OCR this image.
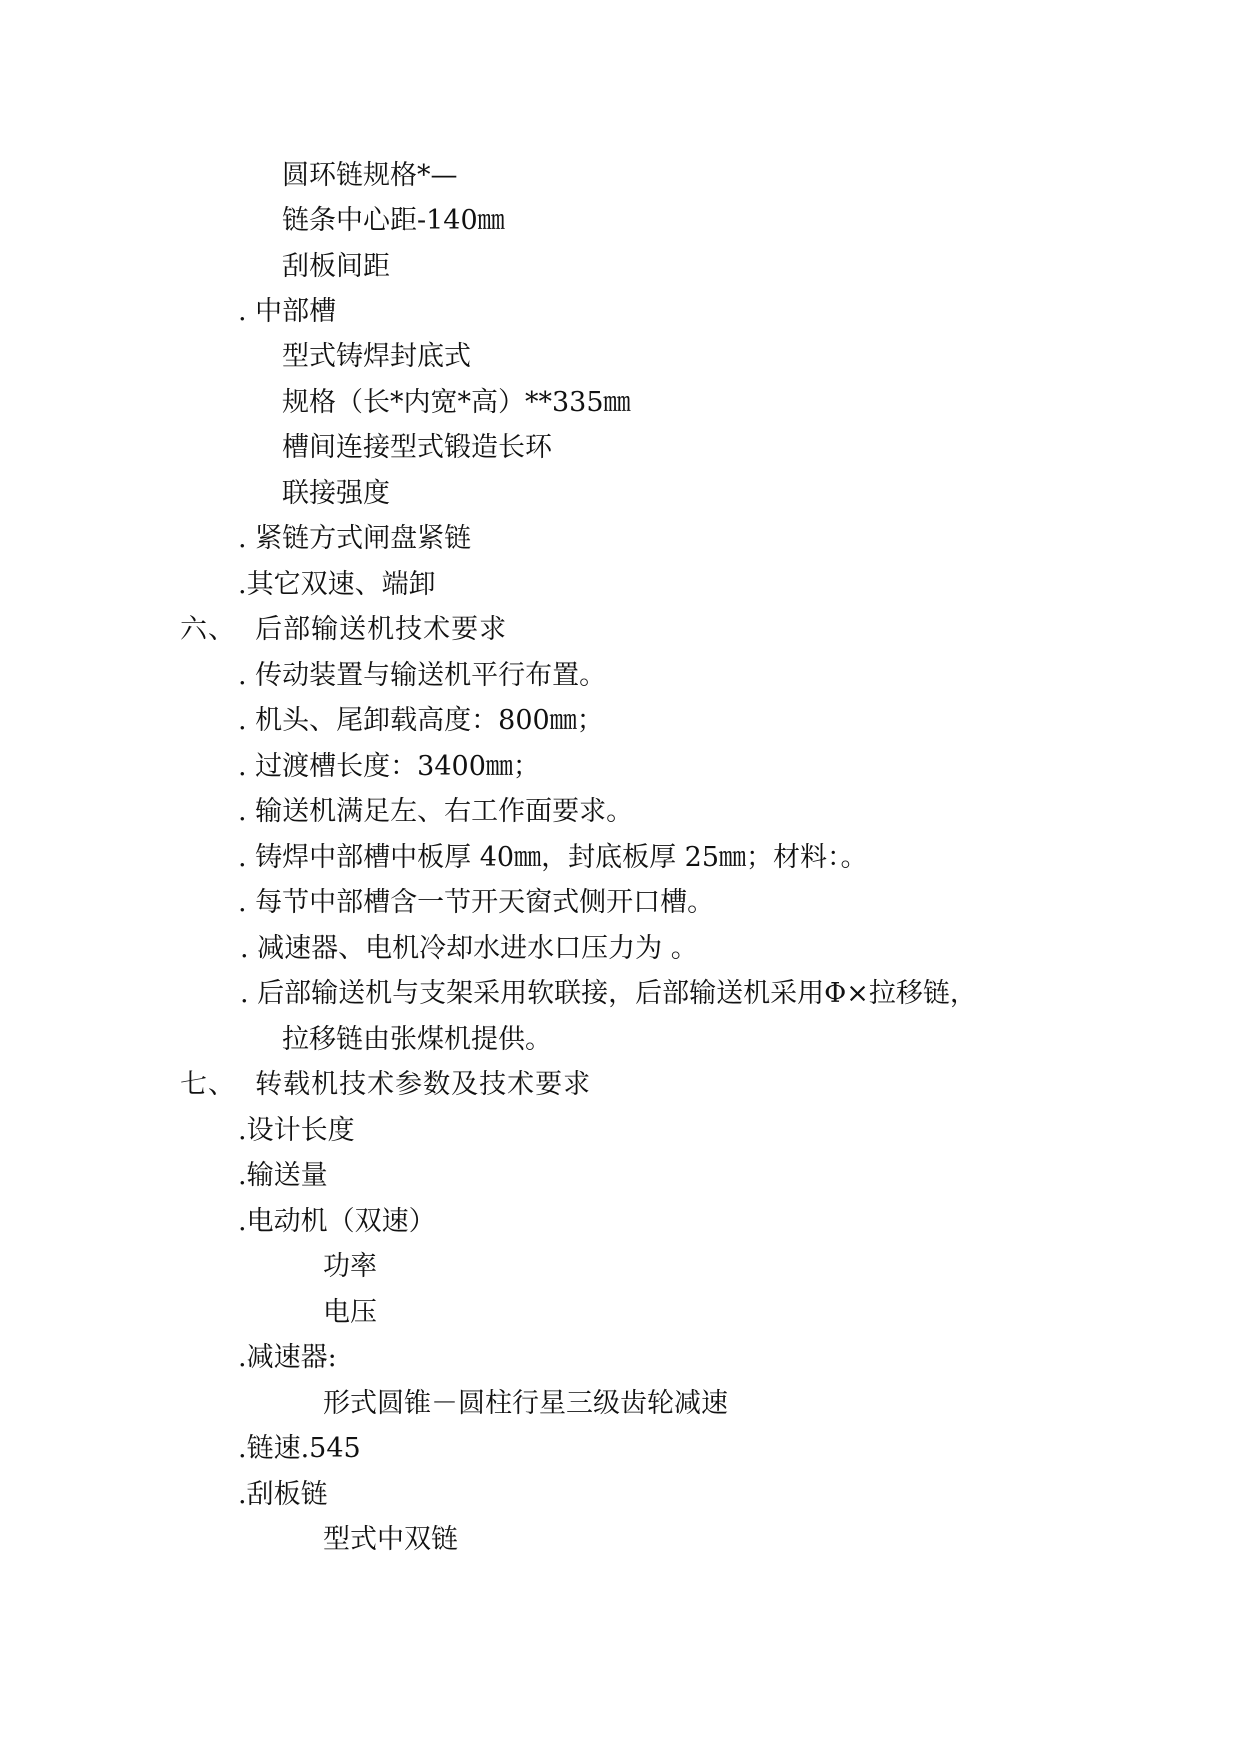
圆环链规格*—
链条中心距-140㎜
刮板间距
. 中部槽
型式铸焊封底式
规格（长*内宽*高）**335㎜
槽间连接型式锻造长环
联接强度
. 紧链方式闸盘紧链
.其它双速、端卸
六、  后部输送机技术要求
. 传动装置与输送机平行布置。
. 机头、尾卸载高度：800㎜；
. 过渡槽长度：3400㎜；
. 输送机满足左、右工作面要求。
. 铸焊中部槽中板厚 40㎜，封底板厚 25㎜；材料：。
. 每节中部槽含一节开天窗式侧开口槽。
. 减速器、电机冷却水进水口压力为 。
. 后部输送机与支架采用软联接，后部输送机采用Φ×拉移链，
拉移链由张煤机提供。
七、  转载机技术参数及技术要求
.设计长度
.输送量
.电动机（双速）
功率
电压
.减速器:
形式圆锥－圆柱行星三级齿轮减速
.链速.545
.刮板链
型式中双链
